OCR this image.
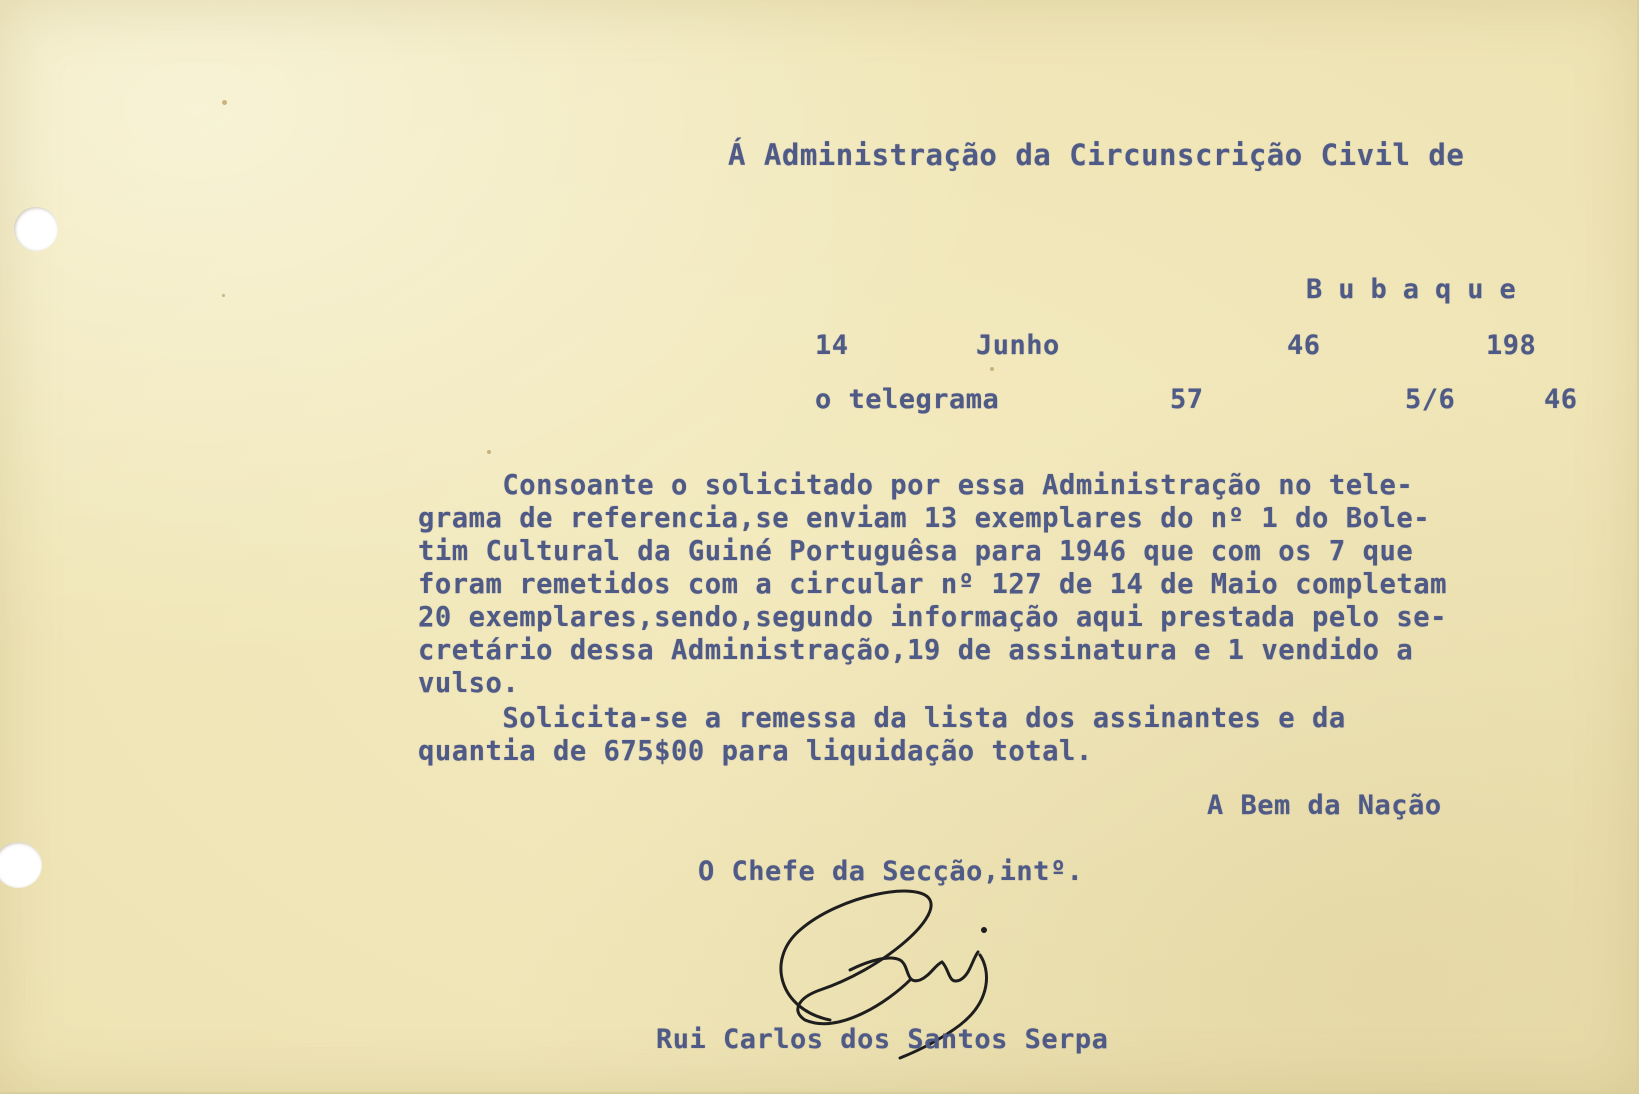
Á Administração da Circunscrição Civil de
Bubaque
14	Junho	46	198
o telegrama	57	5/6	46
Consoante o solicitado por essa Administração no tele-
grama de referencia,se enviam 13 exemplares do nº 1 do Bole-
tim Cultural da Guiné Portuguêsa para 1946 que com os 7 que
foram remetidos com a circular nº 127 de 14 de Maio completam
20 exemplares,sendo,segundo informação aqui prestada pelo se-
cretário dessa Administração,19 de assinatura e 1 vendido a
vulso.
Solicita-se a remessa da lista dos assinantes e da
quantia de 675$00 para liquidação total.
A Bem da Nação
O Chefe da Secção,intº.
Rui Carlos dos Santos Serpa
